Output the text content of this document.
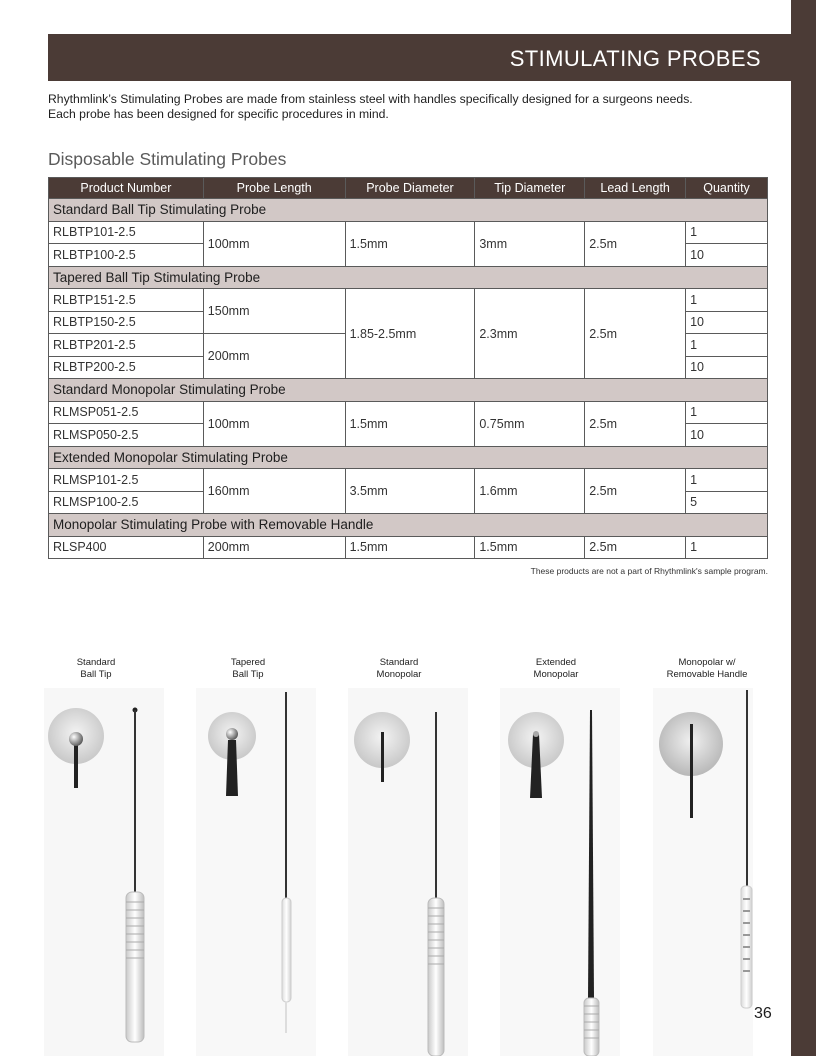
STIMULATING PROBES
Rhythmlink’s Stimulating Probes are made from stainless steel with handles specifically designed for a surgeons needs.
Each probe has been designed for specific procedures in mind.
Disposable Stimulating Probes
Product Number	Probe Length	Probe Diameter	Tip Diameter	Lead Length	Quantity
Standard Ball Tip Stimulating Probe					
RLBTP101-2.5	100mm	1.5mm	3mm	2.5m	1
RLBTP100-2.5					10
Tapered Ball Tip Stimulating Probe					
RLBTP151-2.5	150mm	1.85-2.5mm	2.3mm	2.5m	1
RLBTP150-2.5					10
RLBTP201-2.5	200mm				1
RLBTP200-2.5					10
Standard Monopolar Stimulating Probe					
RLMSP051-2.5	100mm	1.5mm	0.75mm	2.5m	1
RLMSP050-2.5					10
Extended Monopolar Stimulating Probe					
RLMSP101-2.5	160mm	3.5mm	1.6mm	2.5m	1
RLMSP100-2.5					5
Monopolar Stimulating Probe with Removable Handle					
RLSP400	200mm	1.5mm	1.5mm	2.5m	1
These products are not a part of Rhythmlink's sample program.
Standard
Ball Tip
Tapered
Ball Tip
Standard
Monopolar
Extended
Monopolar
Monopolar w/
Removable Handle
36
